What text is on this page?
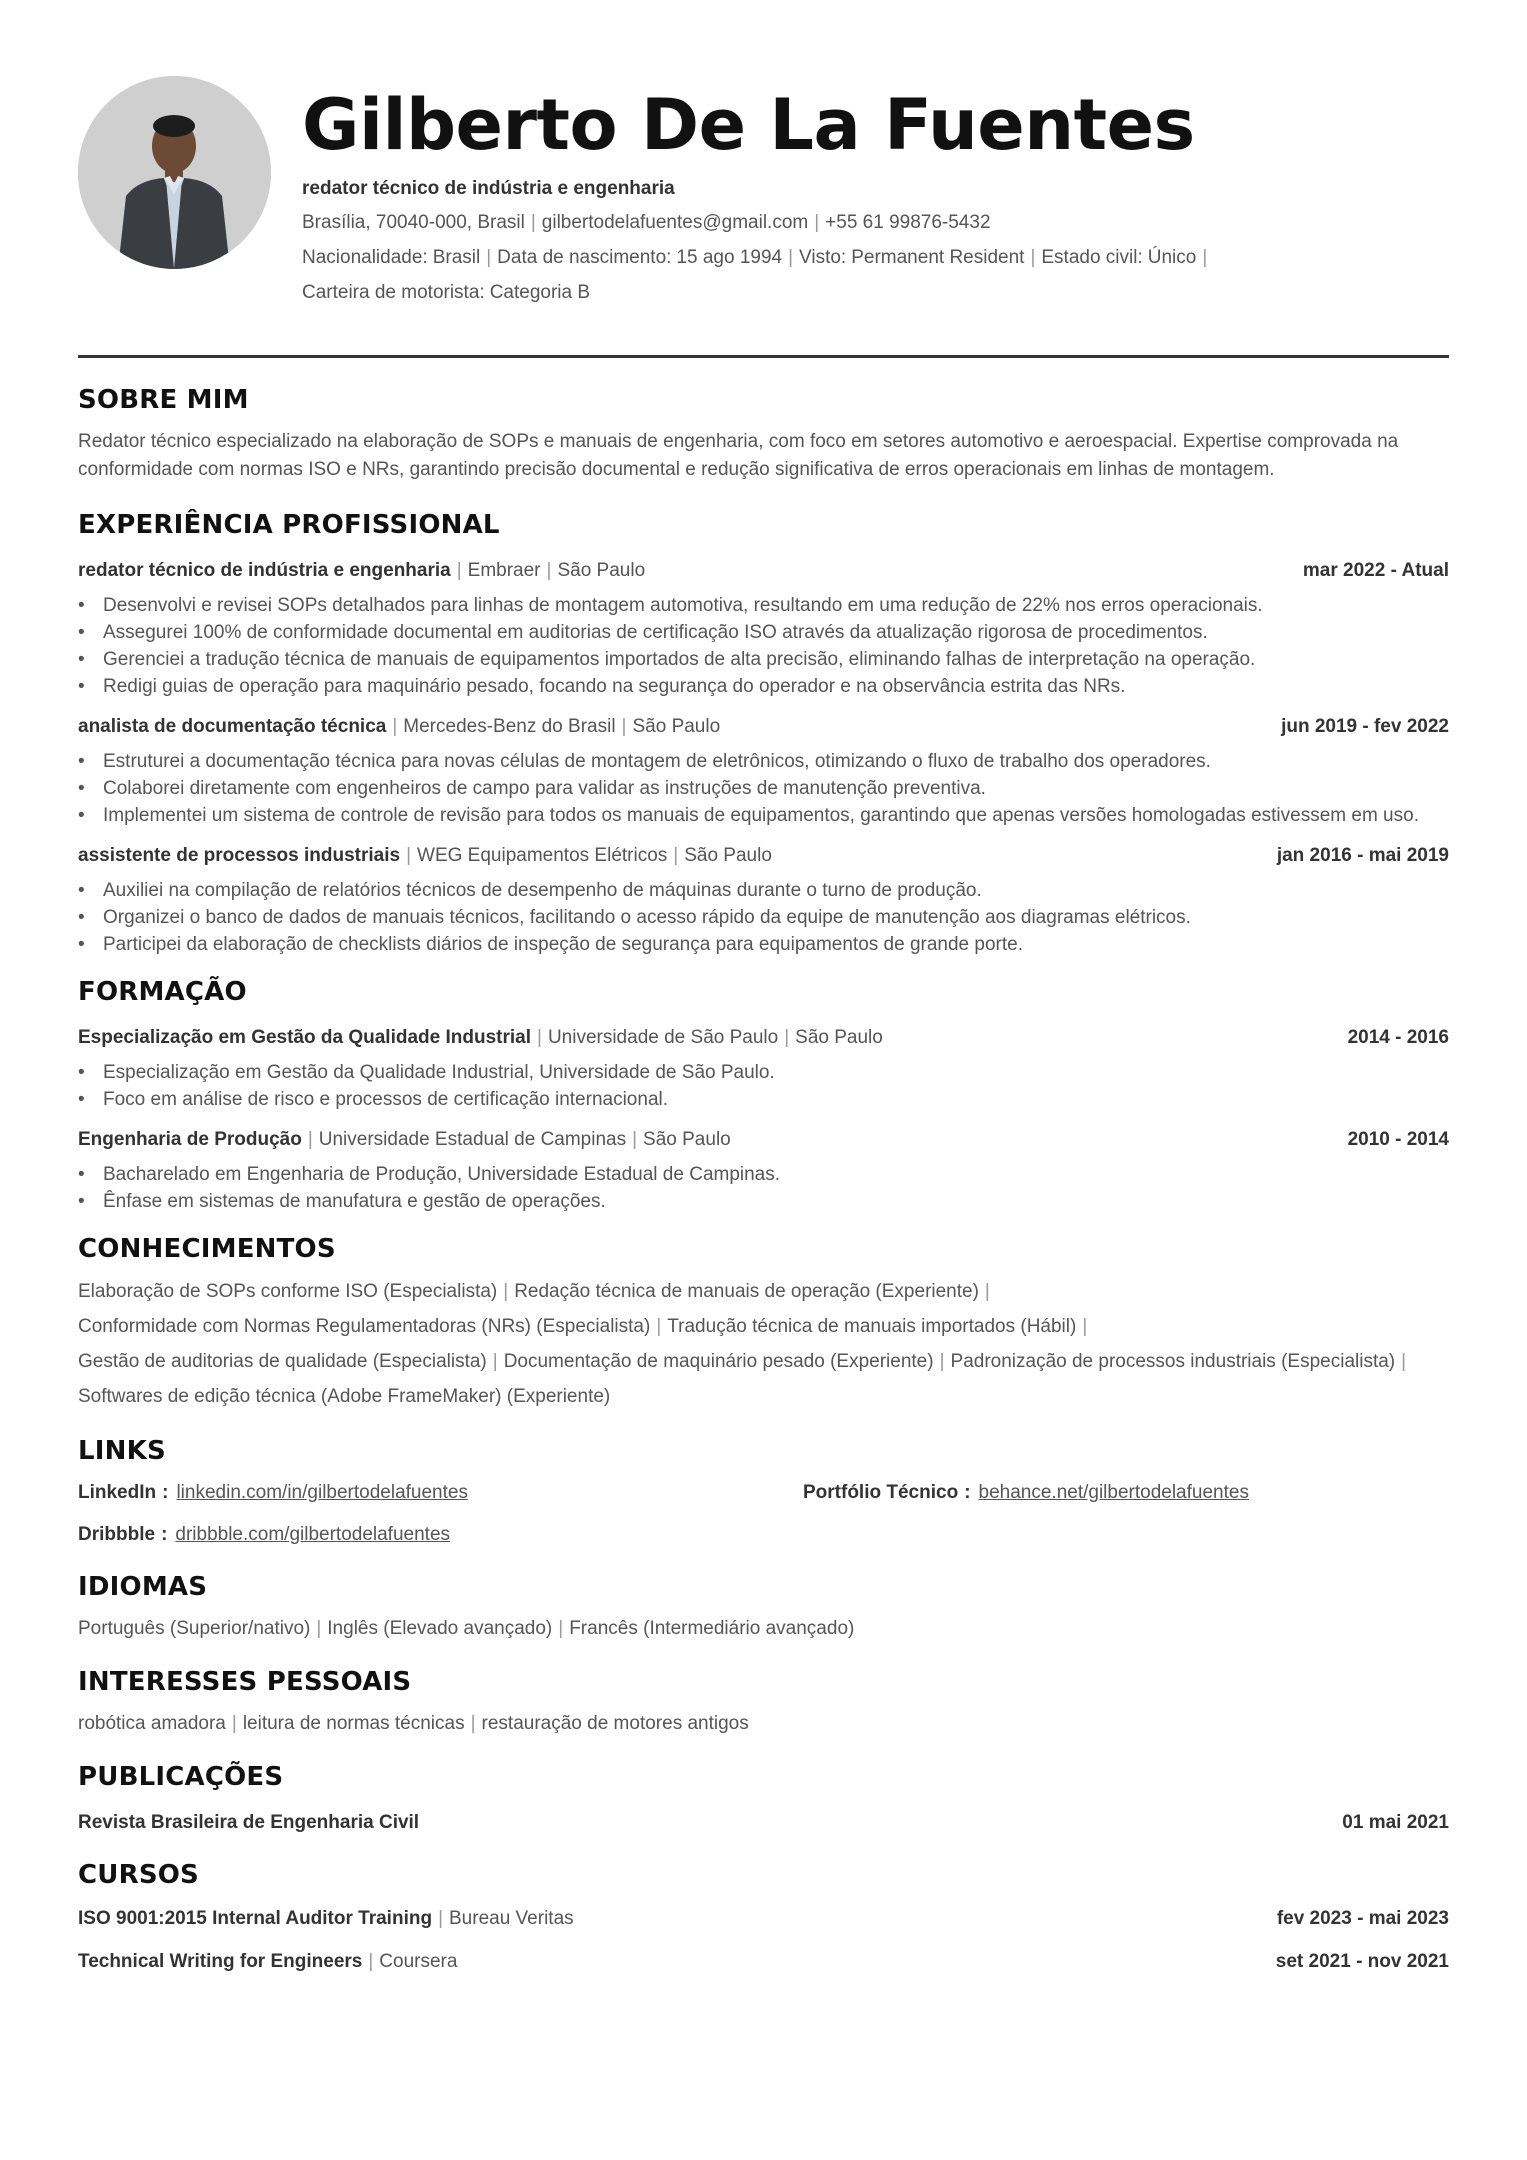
Gilberto De La Fuentes
redator técnico de indústria e engenharia
Brasília, 70040-000, Brasil | gilbertodelafuentes@gmail.com | +55 61 99876-5432
Nacionalidade: Brasil | Data de nascimento: 15 ago 1994 | Visto: Permanent Resident | Estado civil: Único |
Carteira de motorista: Categoria B
SOBRE MIM
Redator técnico especializado na elaboração de SOPs e manuais de engenharia, com foco em setores automotivo e aeroespacial. Expertise comprovada na conformidade com normas ISO e NRs, garantindo precisão documental e redução significativa de erros operacionais em linhas de montagem.
EXPERIÊNCIA PROFISSIONAL
redator técnico de indústria e engenharia | Embraer | São Paulo	mar 2022 - Atual
• Desenvolvi e revisei SOPs detalhados para linhas de montagem automotiva, resultando em uma redução de 22% nos erros operacionais.
• Assegurei 100% de conformidade documental em auditorias de certificação ISO através da atualização rigorosa de procedimentos.
• Gerenciei a tradução técnica de manuais de equipamentos importados de alta precisão, eliminando falhas de interpretação na operação.
• Redigi guias de operação para maquinário pesado, focando na segurança do operador e na observância estrita das NRs.
analista de documentação técnica | Mercedes-Benz do Brasil | São Paulo	jun 2019 - fev 2022
• Estruturei a documentação técnica para novas células de montagem de eletrônicos, otimizando o fluxo de trabalho dos operadores.
• Colaborei diretamente com engenheiros de campo para validar as instruções de manutenção preventiva.
• Implementei um sistema de controle de revisão para todos os manuais de equipamentos, garantindo que apenas versões homologadas estivessem em uso.
assistente de processos industriais | WEG Equipamentos Elétricos | São Paulo	jan 2016 - mai 2019
• Auxiliei na compilação de relatórios técnicos de desempenho de máquinas durante o turno de produção.
• Organizei o banco de dados de manuais técnicos, facilitando o acesso rápido da equipe de manutenção aos diagramas elétricos.
• Participei da elaboração de checklists diários de inspeção de segurança para equipamentos de grande porte.
FORMAÇÃO
Especialização em Gestão da Qualidade Industrial | Universidade de São Paulo | São Paulo	2014 - 2016
• Especialização em Gestão da Qualidade Industrial, Universidade de São Paulo.
• Foco em análise de risco e processos de certificação internacional.
Engenharia de Produção | Universidade Estadual de Campinas | São Paulo	2010 - 2014
• Bacharelado em Engenharia de Produção, Universidade Estadual de Campinas.
• Ênfase em sistemas de manufatura e gestão de operações.
CONHECIMENTOS
Elaboração de SOPs conforme ISO (Especialista) | Redação técnica de manuais de operação (Experiente) |
Conformidade com Normas Regulamentadoras (NRs) (Especialista) | Tradução técnica de manuais importados (Hábil) |
Gestão de auditorias de qualidade (Especialista) | Documentação de maquinário pesado (Experiente) | Padronização de processos industriais (Especialista) |
Softwares de edição técnica (Adobe FrameMaker) (Experiente)
LINKS
LinkedIn : linkedin.com/in/gilbertodelafuentes	Portfólio Técnico : behance.net/gilbertodelafuentes
Dribbble : dribbble.com/gilbertodelafuentes
IDIOMAS
Português (Superior/nativo) | Inglês (Elevado avançado) | Francês (Intermediário avançado)
INTERESSES PESSOAIS
robótica amadora | leitura de normas técnicas | restauração de motores antigos
PUBLICAÇÕES
Revista Brasileira de Engenharia Civil	01 mai 2021
CURSOS
ISO 9001:2015 Internal Auditor Training | Bureau Veritas	fev 2023 - mai 2023
Technical Writing for Engineers | Coursera	set 2021 - nov 2021
